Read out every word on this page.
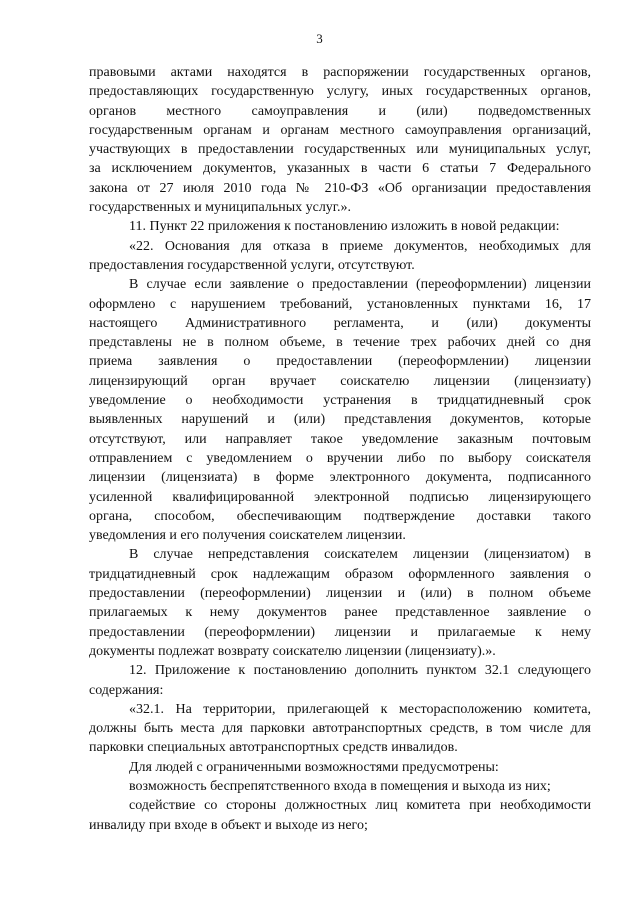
3
правовыми актами находятся в распоряжении государственных органов,
предоставляющих государственную услугу, иных государственных органов,
органов местного самоуправления и (или) подведомственных
государственным органам и органам местного самоуправления организаций,
участвующих в предоставлении государственных или муниципальных услуг,
за исключением документов, указанных в части 6 статьи 7 Федерального
закона от 27 июля 2010 года № 210-ФЗ «Об организации предоставления
государственных и муниципальных услуг.».
11. Пункт 22 приложения к постановлению изложить в новой редакции:
«22. Основания для отказа в приеме документов, необходимых для
предоставления государственной услуги, отсутствуют.
В случае если заявление о предоставлении (переоформлении) лицензии
оформлено с нарушением требований, установленных пунктами 16, 17
настоящего Административного регламента, и (или) документы
представлены не в полном объеме, в течение трех рабочих дней со дня
приема заявления о предоставлении (переоформлении) лицензии
лицензирующий орган вручает соискателю лицензии (лицензиату)
уведомление о необходимости устранения в тридцатидневный срок
выявленных нарушений и (или) представления документов, которые
отсутствуют, или направляет такое уведомление заказным почтовым
отправлением с уведомлением о вручении либо по выбору соискателя
лицензии (лицензиата) в форме электронного документа, подписанного
усиленной квалифицированной электронной подписью лицензирующего
органа, способом, обеспечивающим подтверждение доставки такого
уведомления и его получения соискателем лицензии.
В случае непредставления соискателем лицензии (лицензиатом) в
тридцатидневный срок надлежащим образом оформленного заявления о
предоставлении (переоформлении) лицензии и (или) в полном объеме
прилагаемых к нему документов ранее представленное заявление о
предоставлении (переоформлении) лицензии и прилагаемые к нему
документы подлежат возврату соискателю лицензии (лицензиату).».
12. Приложение к постановлению дополнить пунктом 32.1 следующего
содержания:
«32.1. На территории, прилегающей к месторасположению комитета,
должны быть места для парковки автотранспортных средств, в том числе для
парковки специальных автотранспортных средств инвалидов.
Для людей с ограниченными возможностями предусмотрены:
возможность беспрепятственного входа в помещения и выхода из них;
содействие со стороны должностных лиц комитета при необходимости
инвалиду при входе в объект и выходе из него;
